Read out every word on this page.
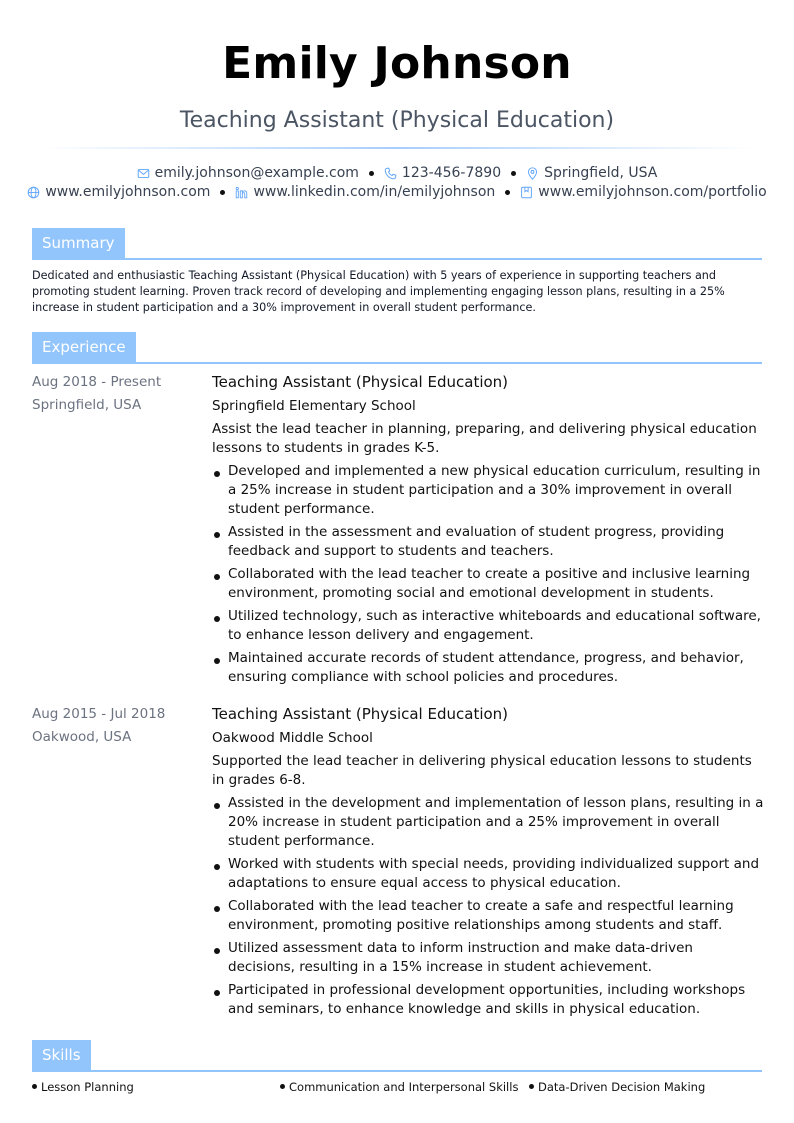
Emily Johnson
Teaching Assistant (Physical Education)
emily.johnson@example.com	123-456-7890	Springfield, USA
www.emilyjohnson.com	www.linkedin.com/in/emilyjohnson	www.emilyjohnson.com/portfolio
Summary
Dedicated and enthusiastic Teaching Assistant (Physical Education) with 5 years of experience in supporting teachers and promoting student learning. Proven track record of developing and implementing engaging lesson plans, resulting in a 25% increase in student participation and a 30% improvement in overall student performance.
Experience
Aug 2018 - Present
Springfield, USA
Teaching Assistant (Physical Education)
Springfield Elementary School
Assist the lead teacher in planning, preparing, and delivering physical education lessons to students in grades K-5.
Developed and implemented a new physical education curriculum, resulting in a 25% increase in student participation and a 30% improvement in overall student performance.
Assisted in the assessment and evaluation of student progress, providing feedback and support to students and teachers.
Collaborated with the lead teacher to create a positive and inclusive learning environment, promoting social and emotional development in students.
Utilized technology, such as interactive whiteboards and educational software, to enhance lesson delivery and engagement.
Maintained accurate records of student attendance, progress, and behavior, ensuring compliance with school policies and procedures.
Aug 2015 - Jul 2018
Oakwood, USA
Teaching Assistant (Physical Education)
Oakwood Middle School
Supported the lead teacher in delivering physical education lessons to students in grades 6-8.
Assisted in the development and implementation of lesson plans, resulting in a 20% increase in student participation and a 25% improvement in overall student performance.
Worked with students with special needs, providing individualized support and adaptations to ensure equal access to physical education.
Collaborated with the lead teacher to create a safe and respectful learning environment, promoting positive relationships among students and staff.
Utilized assessment data to inform instruction and make data-driven decisions, resulting in a 15% increase in student achievement.
Participated in professional development opportunities, including workshops and seminars, to enhance knowledge and skills in physical education.
Skills
Lesson Planning	Communication and Interpersonal Skills	Data-Driven Decision Making
